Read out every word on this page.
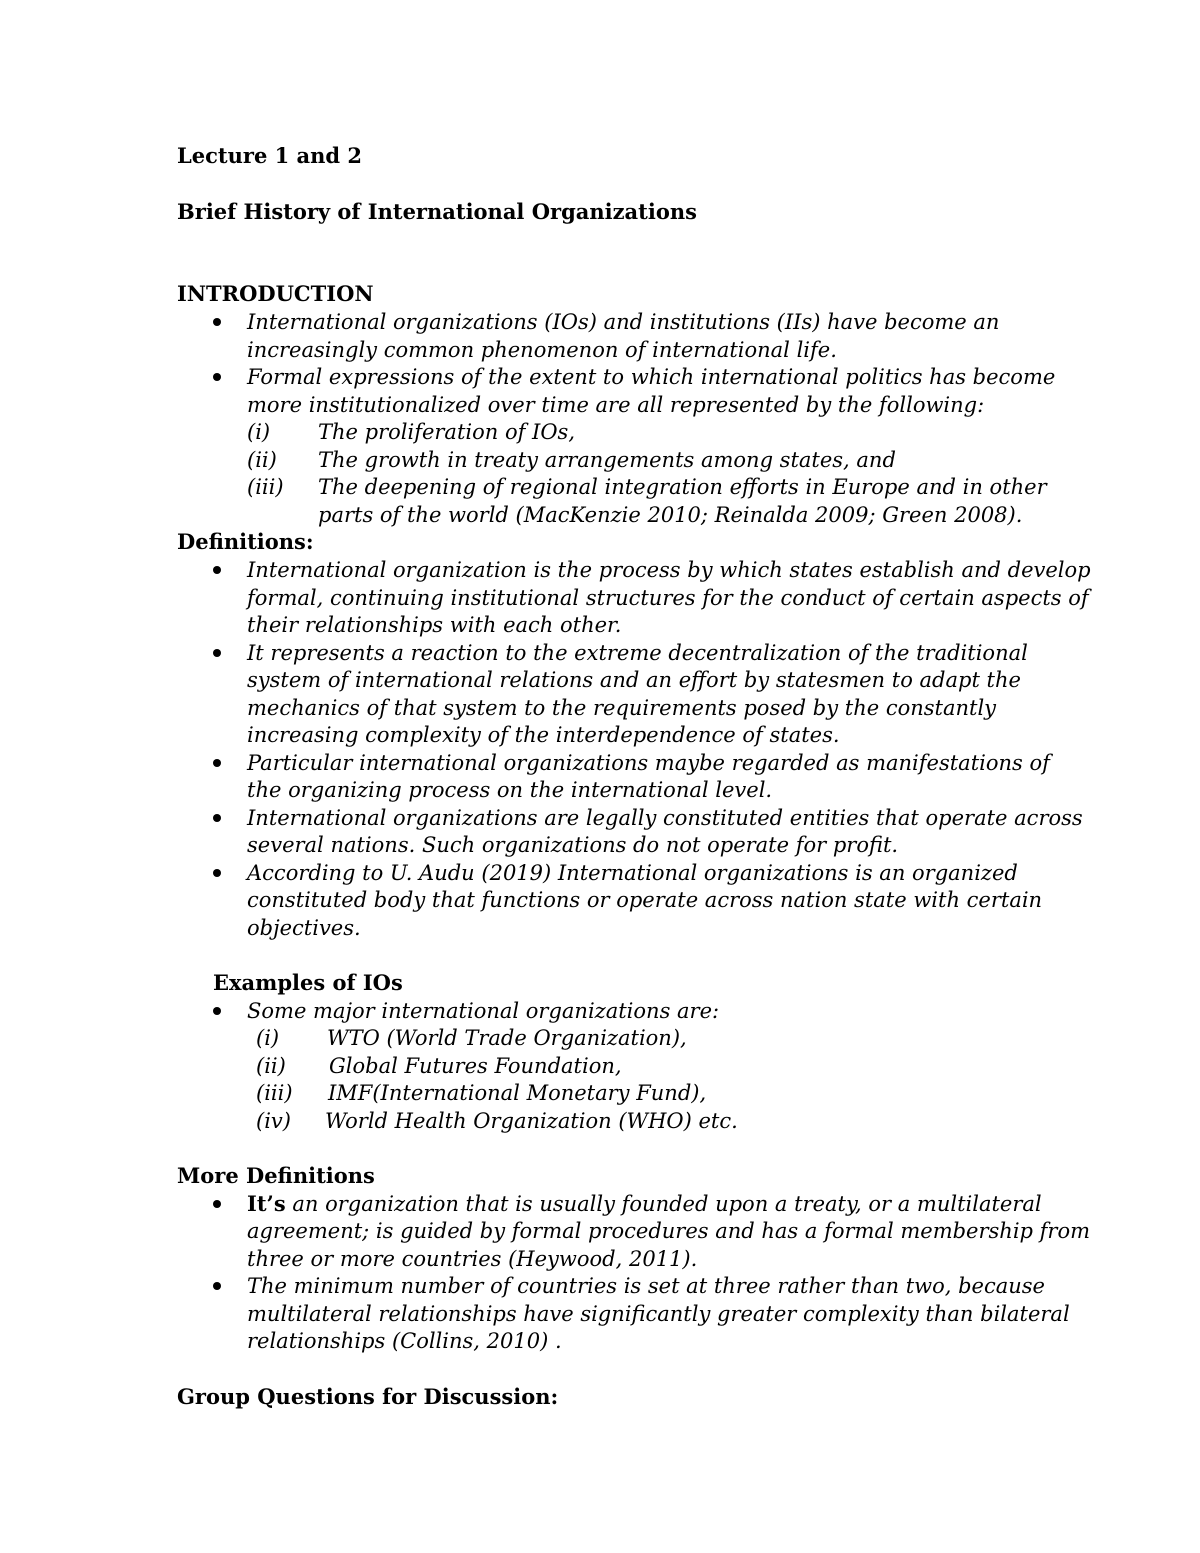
Lecture 1 and 2
Brief History of International Organizations
INTRODUCTION
International organizations (IOs) and institutions (IIs) have become an
increasingly common phenomenon of international life.
Formal expressions of the extent to which international politics has become
more institutionalized over time are all represented by the following:
(i) The proliferation of IOs,
(ii) The growth in treaty arrangements among states, and
(iii) The deepening of regional integration efforts in Europe and in other
parts of the world (MacKenzie 2010; Reinalda 2009; Green 2008).
Definitions:
International organization is the process by which states establish and develop
formal, continuing institutional structures for the conduct of certain aspects of
their relationships with each other.
It represents a reaction to the extreme decentralization of the traditional
system of international relations and an effort by statesmen to adapt the
mechanics of that system to the requirements posed by the constantly
increasing complexity of the interdependence of states.
Particular international organizations maybe regarded as manifestations of
the organizing process on the international level.
International organizations are legally constituted entities that operate across
several nations. Such organizations do not operate for profit.
According to U. Audu (2019) International organizations is an organized
constituted body that functions or operate across nation state with certain
objectives.
Examples of IOs
Some major international organizations are:
(i) WTO (World Trade Organization),
(ii) Global Futures Foundation,
(iii) IMF(International Monetary Fund),
(iv) World Health Organization (WHO) etc.
More Definitions
It’s an organization that is usually founded upon a treaty, or a multilateral
agreement; is guided by formal procedures and has a formal membership from
three or more countries (Heywood, 2011).
The minimum number of countries is set at three rather than two, because
multilateral relationships have significantly greater complexity than bilateral
relationships (Collins, 2010) .
Group Questions for Discussion:
